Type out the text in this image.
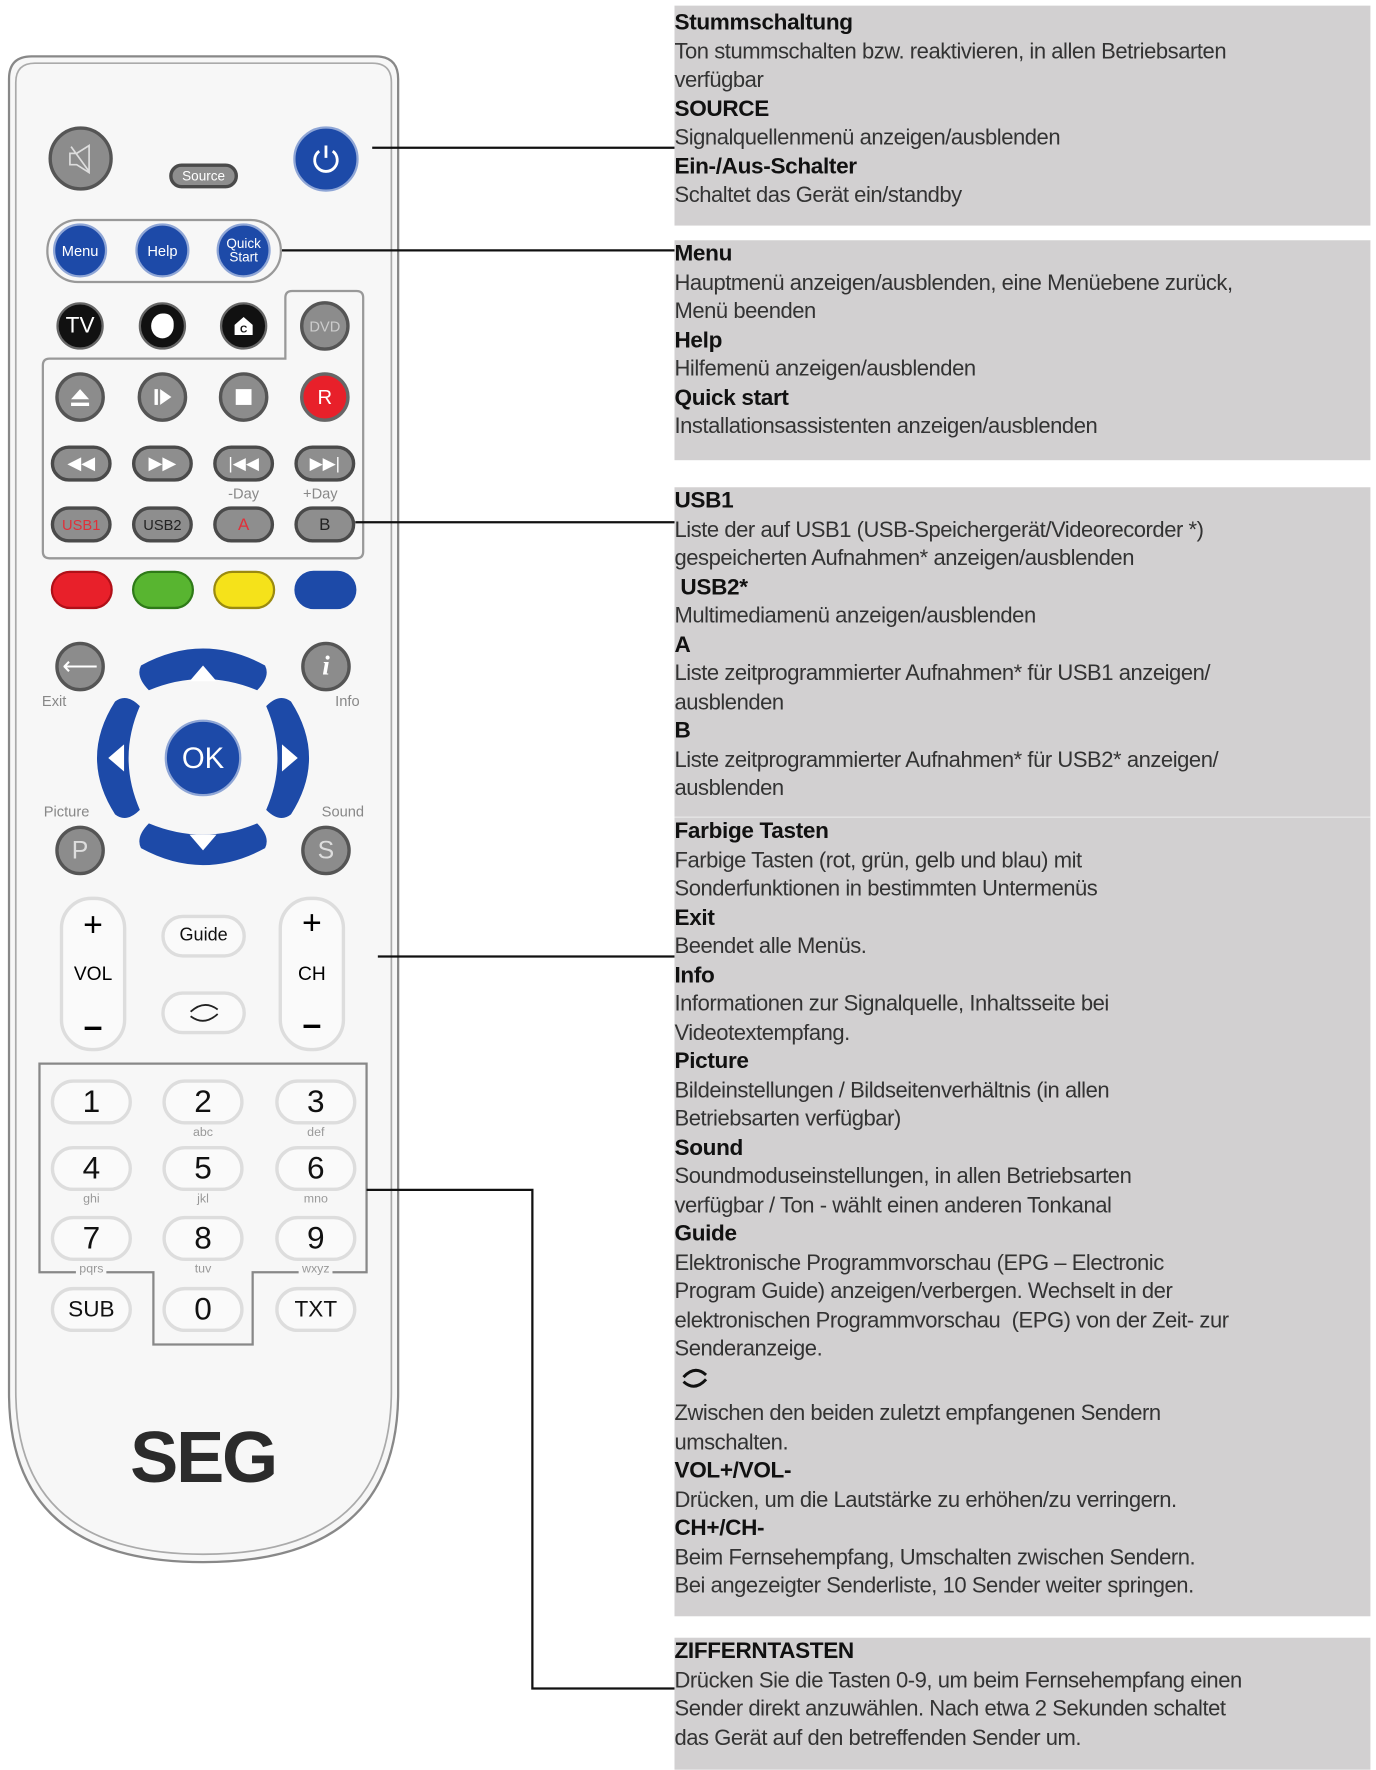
Source
Menu	Help	Quick
Start
TV	C	DVD
R
◀◀	▶▶	|◀◀	▶▶|
-Day	+Day
USB1	USB2	A	B
⟵
Exit
i
Info
OK
Picture
P
Sound
S
+
VOL
–
+
CH
–
Guide
1	2
abc
3
def
4
ghi
5
jkl
6
mno
7
pqrs
8
tuv
9
wxyz
SUB	0	TXT
SEG
Stummschaltung
Ton stummschalten bzw. reaktivieren, in allen Betriebsarten
verfügbar
SOURCE
Signalquellenmenü anzeigen/ausblenden
Ein-/Aus-Schalter
Schaltet das Gerät ein/standby
Menu
Hauptmenü anzeigen/ausblenden, eine Menüebene zurück,
Menü beenden
Help
Hilfemenü anzeigen/ausblenden
Quick start
Installationsassistenten anzeigen/ausblenden
USB1
Liste der auf USB1 (USB-Speichergerät/Videorecorder *)
gespeicherten Aufnahmen* anzeigen/ausblenden
USB2*
Multimediamenü anzeigen/ausblenden
A
Liste zeitprogrammierter Aufnahmen* für USB1 anzeigen/
ausblenden
B
Liste zeitprogrammierter Aufnahmen* für USB2* anzeigen/
ausblenden
Farbige Tasten
Farbige Tasten (rot, grün, gelb und blau) mit
Sonderfunktionen in bestimmten Untermenüs
Exit
Beendet alle Menüs.
Info
Informationen zur Signalquelle, Inhaltsseite bei
Videotextempfang.
Picture
Bildeinstellungen / Bildseitenverhältnis (in allen
Betriebsarten verfügbar)
Sound
Soundmoduseinstellungen, in allen Betriebsarten
verfügbar / Ton - wählt einen anderen Tonkanal
Guide
Elektronische Programmvorschau (EPG – Electronic
Program Guide) anzeigen/verbergen. Wechselt in der
elektronischen Programmvorschau  (EPG) von der Zeit- zur
Senderanzeige.
Zwischen den beiden zuletzt empfangenen Sendern
umschalten.
VOL+/VOL-
Drücken, um die Lautstärke zu erhöhen/zu verringern.
CH+/CH-
Beim Fernsehempfang, Umschalten zwischen Sendern.
Bei angezeigter Senderliste, 10 Sender weiter springen.
ZIFFERNTASTEN
Drücken Sie die Tasten 0-9, um beim Fernsehempfang einen
Sender direkt anzuwählen. Nach etwa 2 Sekunden schaltet
das Gerät auf den betreffenden Sender um.
